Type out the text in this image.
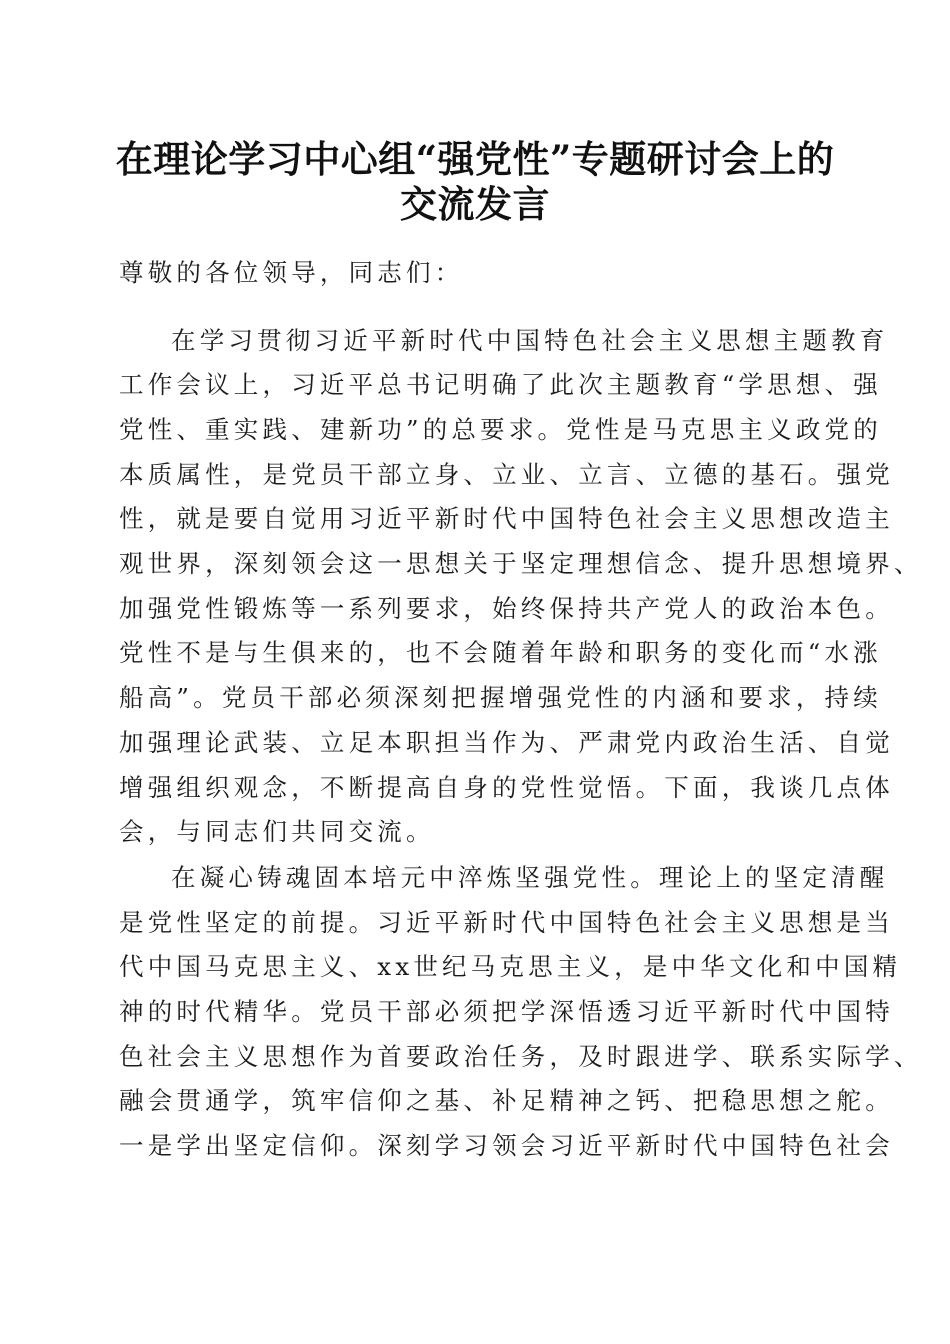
在理论学习中心组“强党性”专题研讨会上的
交流发言
尊敬的各位领导，同志们：
在学习贯彻习近平新时代中国特色社会主义思想主题教育
工作会议上，习近平总书记明确了此次主题教育“学思想、强
党性、重实践、建新功”的总要求。党性是马克思主义政党的
本质属性，是党员干部立身、立业、立言、立德的基石。强党
性，就是要自觉用习近平新时代中国特色社会主义思想改造主
观世界，深刻领会这一思想关于坚定理想信念、提升思想境界、
加强党性锻炼等一系列要求，始终保持共产党人的政治本色。
党性不是与生俱来的，也不会随着年龄和职务的变化而“水涨
船高”。党员干部必须深刻把握增强党性的内涵和要求，持续
加强理论武装、立足本职担当作为、严肃党内政治生活、自觉
增强组织观念，不断提高自身的党性觉悟。下面，我谈几点体
会，与同志们共同交流。
在凝心铸魂固本培元中淬炼坚强党性。理论上的坚定清醒
是党性坚定的前提。习近平新时代中国特色社会主义思想是当
代中国马克思主义、xx世纪马克思主义，是中华文化和中国精
神的时代精华。党员干部必须把学深悟透习近平新时代中国特
色社会主义思想作为首要政治任务，及时跟进学、联系实际学、
融会贯通学，筑牢信仰之基、补足精神之钙、把稳思想之舵。
一是学出坚定信仰。深刻学习领会习近平新时代中国特色社会
